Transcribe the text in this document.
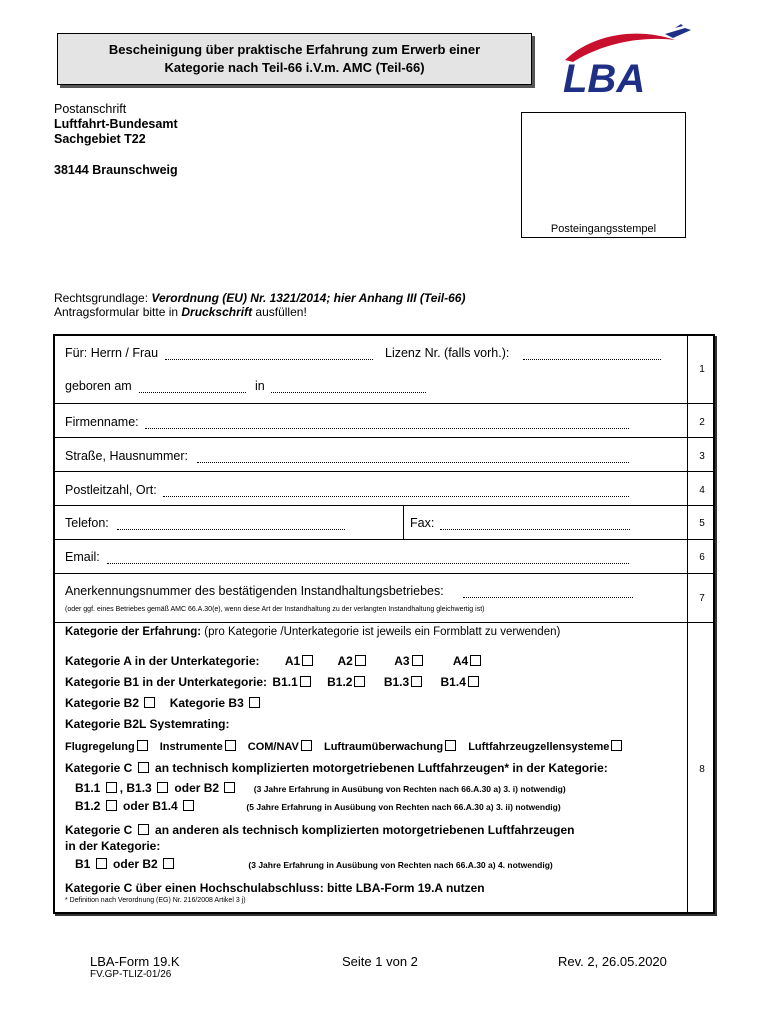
Bescheinigung über praktische Erfahrung zum Erwerb einer
Kategorie nach Teil-66 i.V.m. AMC (Teil-66)	LBA
Postanschrift
Luftfahrt-Bundesamt
Sachgebiet T22
38144 Braunschweig
Posteingangsstempel
Rechtsgrundlage: Verordnung (EU) Nr. 1321/2014; hier Anhang III (Teil-66)
Antragsformular bitte in Druckschrift ausfüllen!
Für: Herrn / Frau	Lizenz Nr. (falls vorh.):
geboren am	in
1
Firmenname:	2
Straße, Hausnummer:	3
Postleitzahl, Ort:	4
Telefon:	Fax:	5
Email:	6
Anerkennungsnummer des bestätigenden Instandhaltungsbetriebes:
(oder ggf. eines Betriebes gemäß AMC 66.A.30(e), wenn diese Art der Instandhaltung zu der verlangten Instandhaltung gleichwertig ist)
7
8
Kategorie der Erfahrung: (pro Kategorie /Unterkategorie ist jeweils ein Formblatt zu verwenden)
Kategorie A in der Unterkategorie: A1	A2	A3	A4
Kategorie B1 in der Unterkategorie: B1.1 B1.2	B1.3	B1.4
Kategorie B2	Kategorie B3
Kategorie B2L Systemrating:
Flugregelung Instrumente COM/NAV Luftraumüberwachung Luftfahrzeugzellensysteme
Kategorie C an technisch komplizierten motorgetriebenen Luftfahrzeugen* in der Kategorie:
B1.1 , B1.3 oder B2	(3 Jahre Erfahrung in Ausübung von Rechten nach 66.A.30 a) 3. i) notwendig)
B1.2 oder B1.4	(5 Jahre Erfahrung in Ausübung von Rechten nach 66.A.30 a) 3. ii) notwendig)
Kategorie C an anderen als technisch komplizierten motorgetriebenen Luftfahrzeugen
in der Kategorie:
B1 oder B2	(3 Jahre Erfahrung in Ausübung von Rechten nach 66.A.30 a) 4. notwendig)
Kategorie C über einen Hochschulabschluss: bitte LBA-Form 19.A nutzen
* Definition nach Verordnung (EG) Nr. 216/2008 Artikel 3 j)
LBA-Form 19.K
FV.GP-TLIZ-01/26
Seite 1 von 2	Rev. 2, 26.05.2020
